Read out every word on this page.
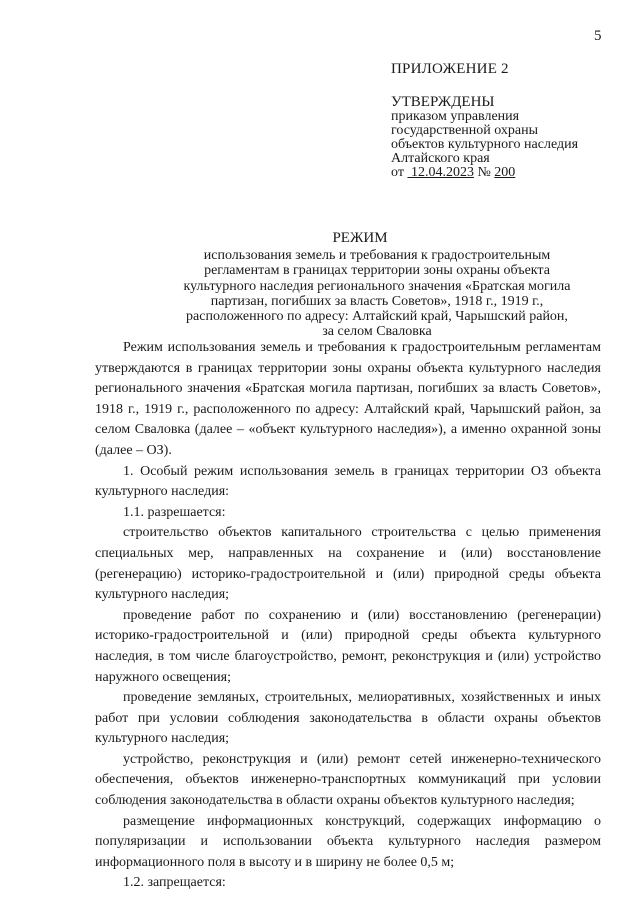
5
ПРИЛОЖЕНИЕ 2
УТВЕРЖДЕНЫ
приказом управления
государственной охраны
объектов культурного наследия
Алтайского края
от 12.04.2023 № 200
РЕЖИМ
использования земель и требования к градостроительным
регламентам в границах территории зоны охраны объекта
культурного наследия регионального значения «Братская могила
партизан, погибших за власть Советов», 1918 г., 1919 г.,
расположенного по адресу: Алтайский край, Чарышский район,
за селом Сваловка

Режим использования земель и требования к градостроительным регламентам утверждаются в границах территории зоны охраны объекта культурного наследия регионального значения «Братская могила партизан, погибших за власть Советов», 1918 г., 1919 г., расположенного по адресу: Алтайский край, Чарышский район, за селом Сваловка (далее – «объект культурного наследия»), а именно охранной зоны (далее – ОЗ).

1. Особый режим использования земель в границах территории ОЗ объекта культурного наследия:

1.1. разрешается:

строительство объектов капитального строительства с целью применения специальных мер, направленных на сохранение и (или) восстановление (регенерацию) историко-градостроительной и (или) природной среды объекта культурного наследия;

проведение работ по сохранению и (или) восстановлению (регенерации) историко-градостроительной и (или) природной среды объекта культурного наследия, в том числе благоустройство, ремонт, реконструкция и (или) устройство наружного освещения;

проведение земляных, строительных, мелиоративных, хозяйственных и иных работ при условии соблюдения законодательства в области охраны объектов культурного наследия;

устройство, реконструкция и (или) ремонт сетей инженерно-технического обеспечения, объектов инженерно-транспортных коммуникаций при условии соблюдения законодательства в области охраны объектов культурного наследия;

размещение информационных конструкций, содержащих информацию о популяризации и использовании объекта культурного наследия размером информационного поля в высоту и в ширину не более 0,5 м;

1.2. запрещается:
